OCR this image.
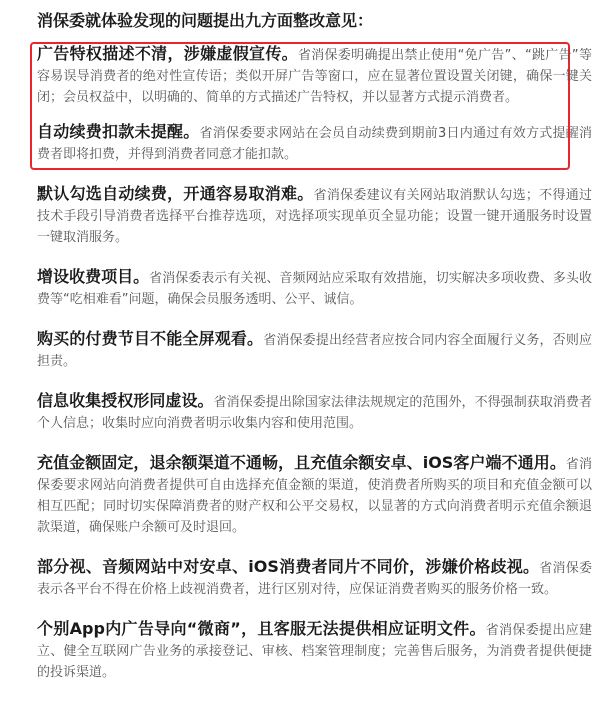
消保委就体验发现的问题提出九方面整改意见：

广告特权描述不清，涉嫌虚假宣传。省消保委明确提出禁止使用“免广告”、“跳广告”等容易误导消费者的绝对性宣传语；类似开屏广告等窗口，应在显著位置设置关闭键，确保一键关闭；会员权益中，以明确的、简单的方式描述广告特权，并以显著方式提示消费者。

自动续费扣款未提醒。省消保委要求网站在会员自动续费到期前3日内通过有效方式提醒消费者即将扣费，并得到消费者同意才能扣款。

默认勾选自动续费，开通容易取消难。省消保委建议有关网站取消默认勾选；不得通过技术手段引导消费者选择平台推荐选项，对选择项实现单页全显功能；设置一键开通服务时设置一键取消服务。

增设收费项目。省消保委表示有关视、音频网站应采取有效措施，切实解决多项收费、多头收费等“吃相难看”问题，确保会员服务透明、公平、诚信。

购买的付费节目不能全屏观看。省消保委提出经营者应按合同内容全面履行义务，否则应担责。

信息收集授权形同虚设。省消保委提出除国家法律法规规定的范围外，不得强制获取消费者个人信息；收集时应向消费者明示收集内容和使用范围。

充值金额固定，退余额渠道不通畅，且充值余额安卓、iOS客户端不通用。省消保委要求网站向消费者提供可自由选择充值金额的渠道，使消费者所购买的项目和充值金额可以相互匹配；同时切实保障消费者的财产权和公平交易权，以显著的方式向消费者明示充值余额退款渠道，确保账户余额可及时退回。

部分视、音频网站中对安卓、iOS消费者同片不同价，涉嫌价格歧视。省消保委表示各平台不得在价格上歧视消费者，进行区别对待，应保证消费者购买的服务价格一致。

个别App内广告导向“微商”，且客服无法提供相应证明文件。省消保委提出应建立、健全互联网广告业务的承接登记、审核、档案管理制度；完善售后服务，为消费者提供便捷的投诉渠道。
